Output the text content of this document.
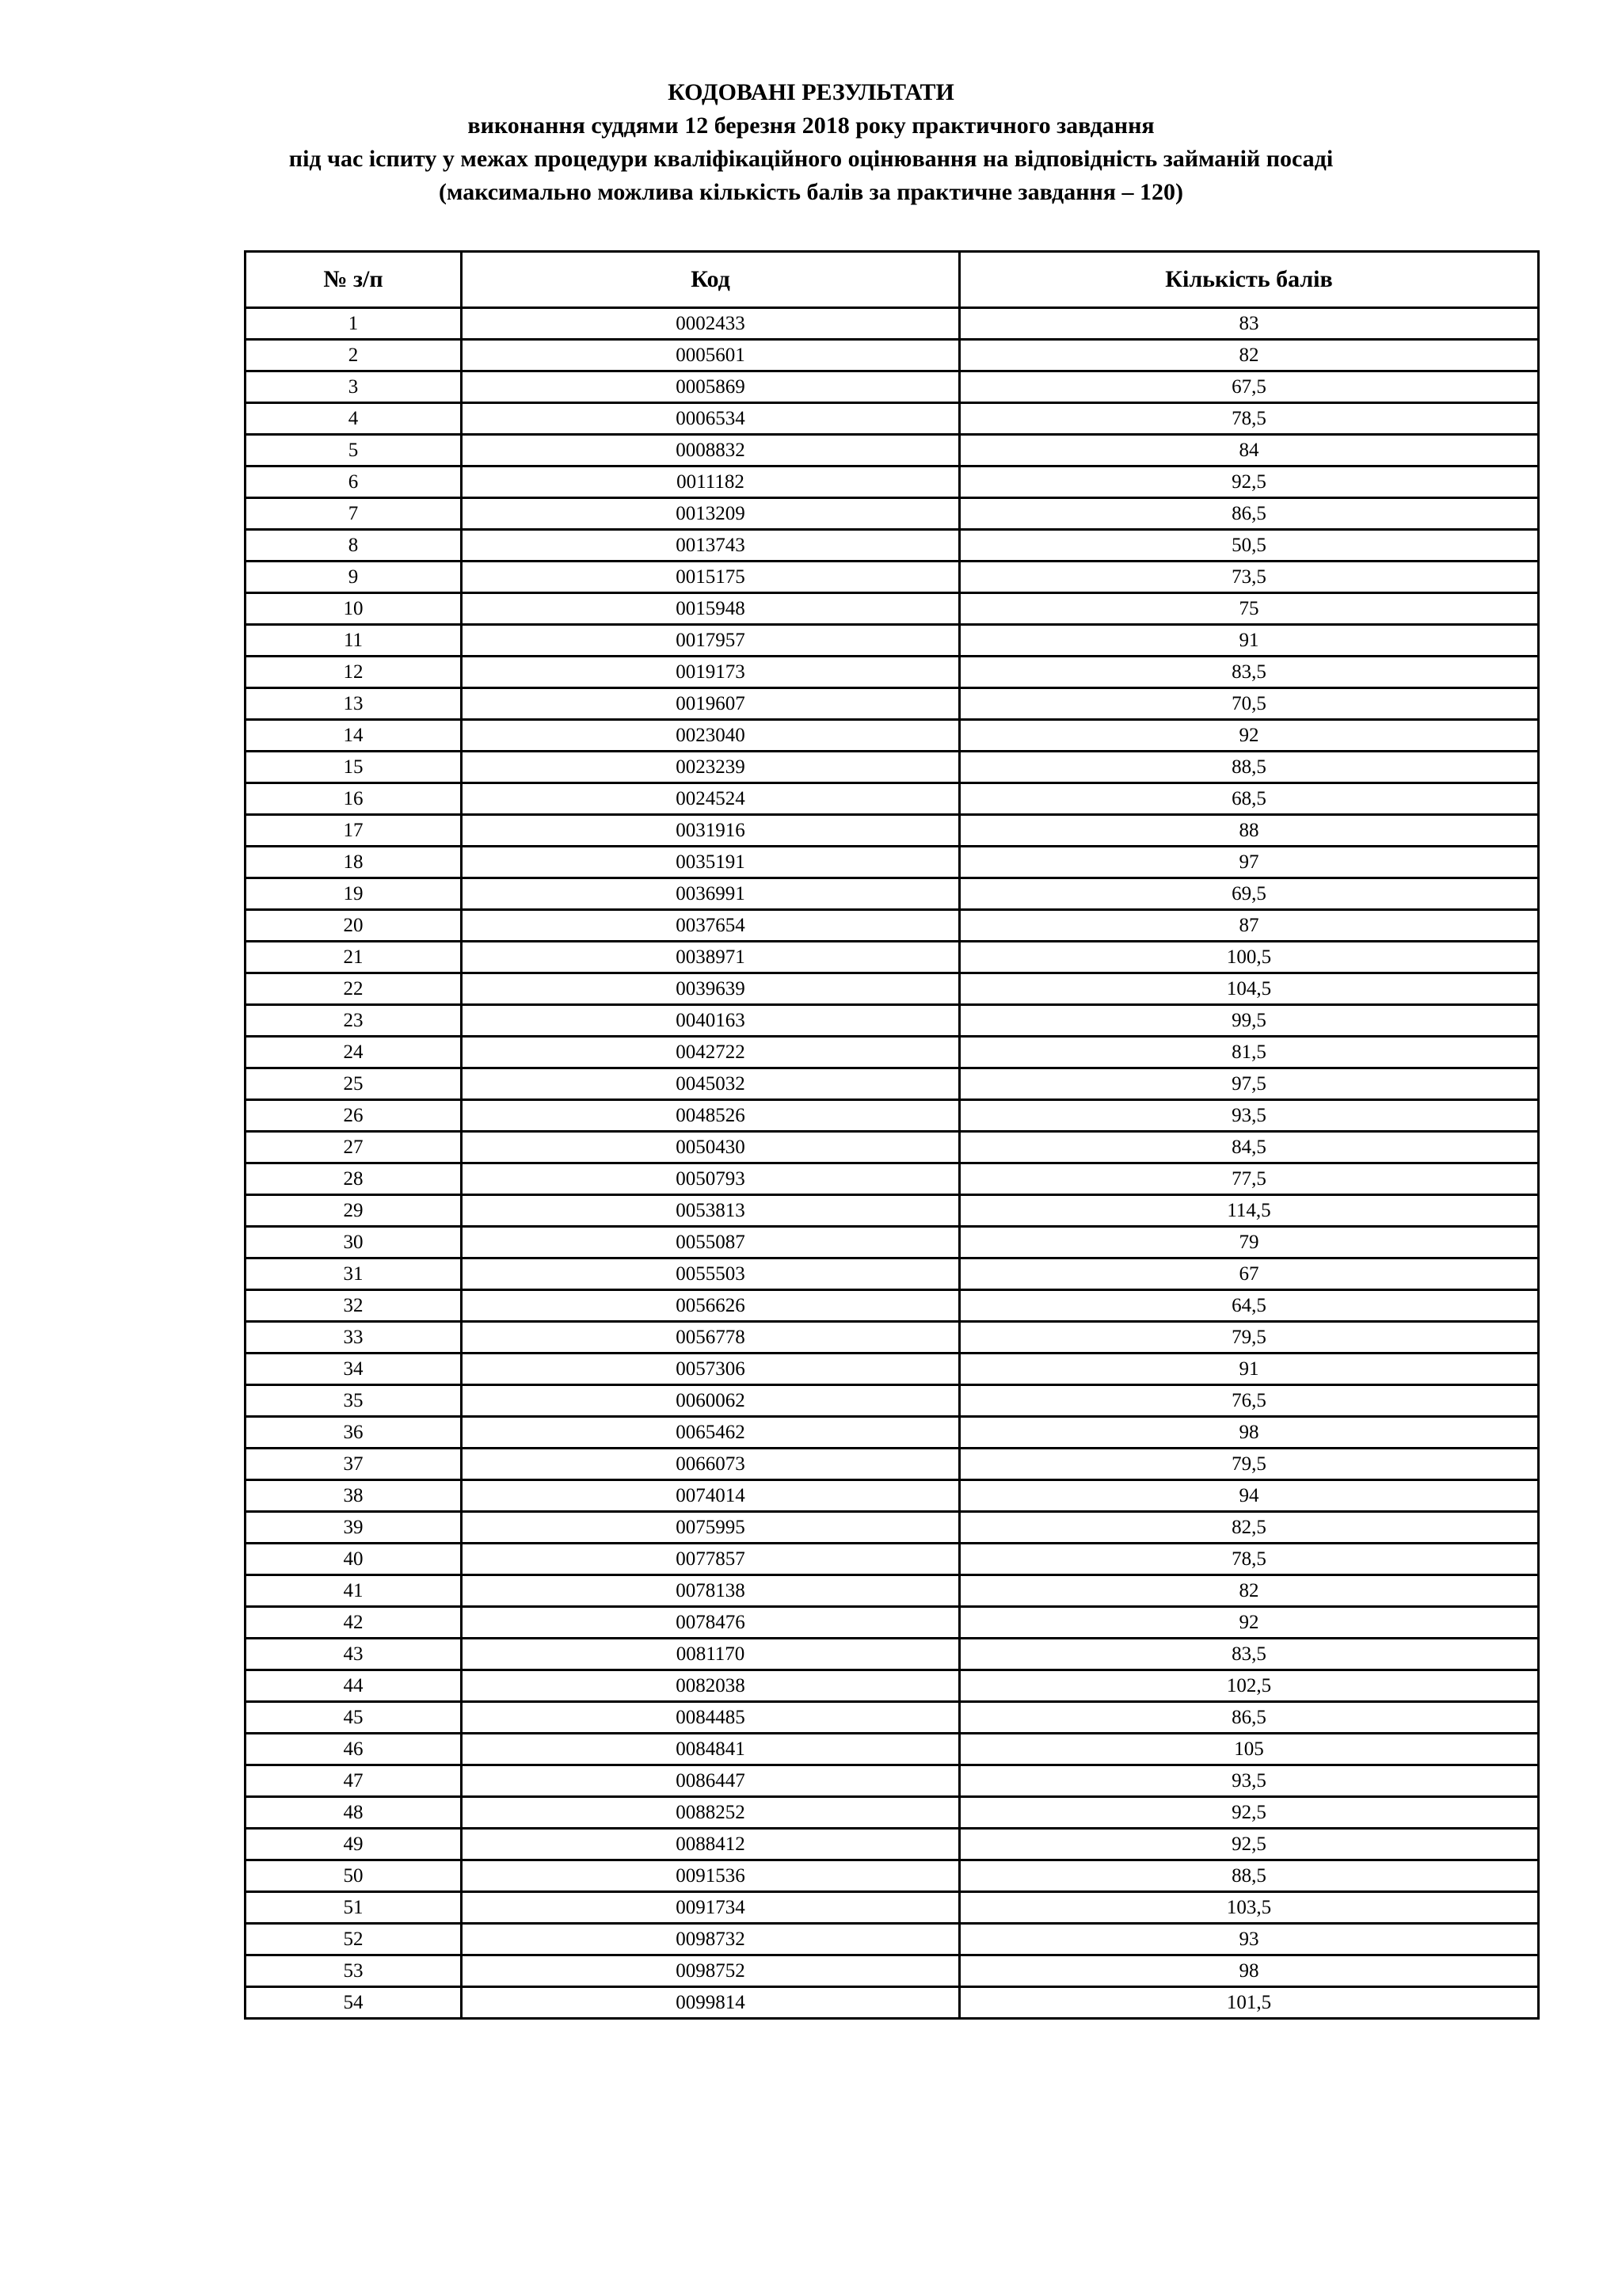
КОДОВАНІ РЕЗУЛЬТАТИ
виконання суддями 12 березня 2018 року практичного завдання
під час іспиту у межах процедури кваліфікаційного оцінювання на відповідність займаній посаді
(максимально можлива кількість балів за практичне завдання – 120)
№ з/п	Код	Кількість балів
1	0002433	83
2	0005601	82
3	0005869	67,5
4	0006534	78,5
5	0008832	84
6	0011182	92,5
7	0013209	86,5
8	0013743	50,5
9	0015175	73,5
10	0015948	75
11	0017957	91
12	0019173	83,5
13	0019607	70,5
14	0023040	92
15	0023239	88,5
16	0024524	68,5
17	0031916	88
18	0035191	97
19	0036991	69,5
20	0037654	87
21	0038971	100,5
22	0039639	104,5
23	0040163	99,5
24	0042722	81,5
25	0045032	97,5
26	0048526	93,5
27	0050430	84,5
28	0050793	77,5
29	0053813	114,5
30	0055087	79
31	0055503	67
32	0056626	64,5
33	0056778	79,5
34	0057306	91
35	0060062	76,5
36	0065462	98
37	0066073	79,5
38	0074014	94
39	0075995	82,5
40	0077857	78,5
41	0078138	82
42	0078476	92
43	0081170	83,5
44	0082038	102,5
45	0084485	86,5
46	0084841	105
47	0086447	93,5
48	0088252	92,5
49	0088412	92,5
50	0091536	88,5
51	0091734	103,5
52	0098732	93
53	0098752	98
54	0099814	101,5
